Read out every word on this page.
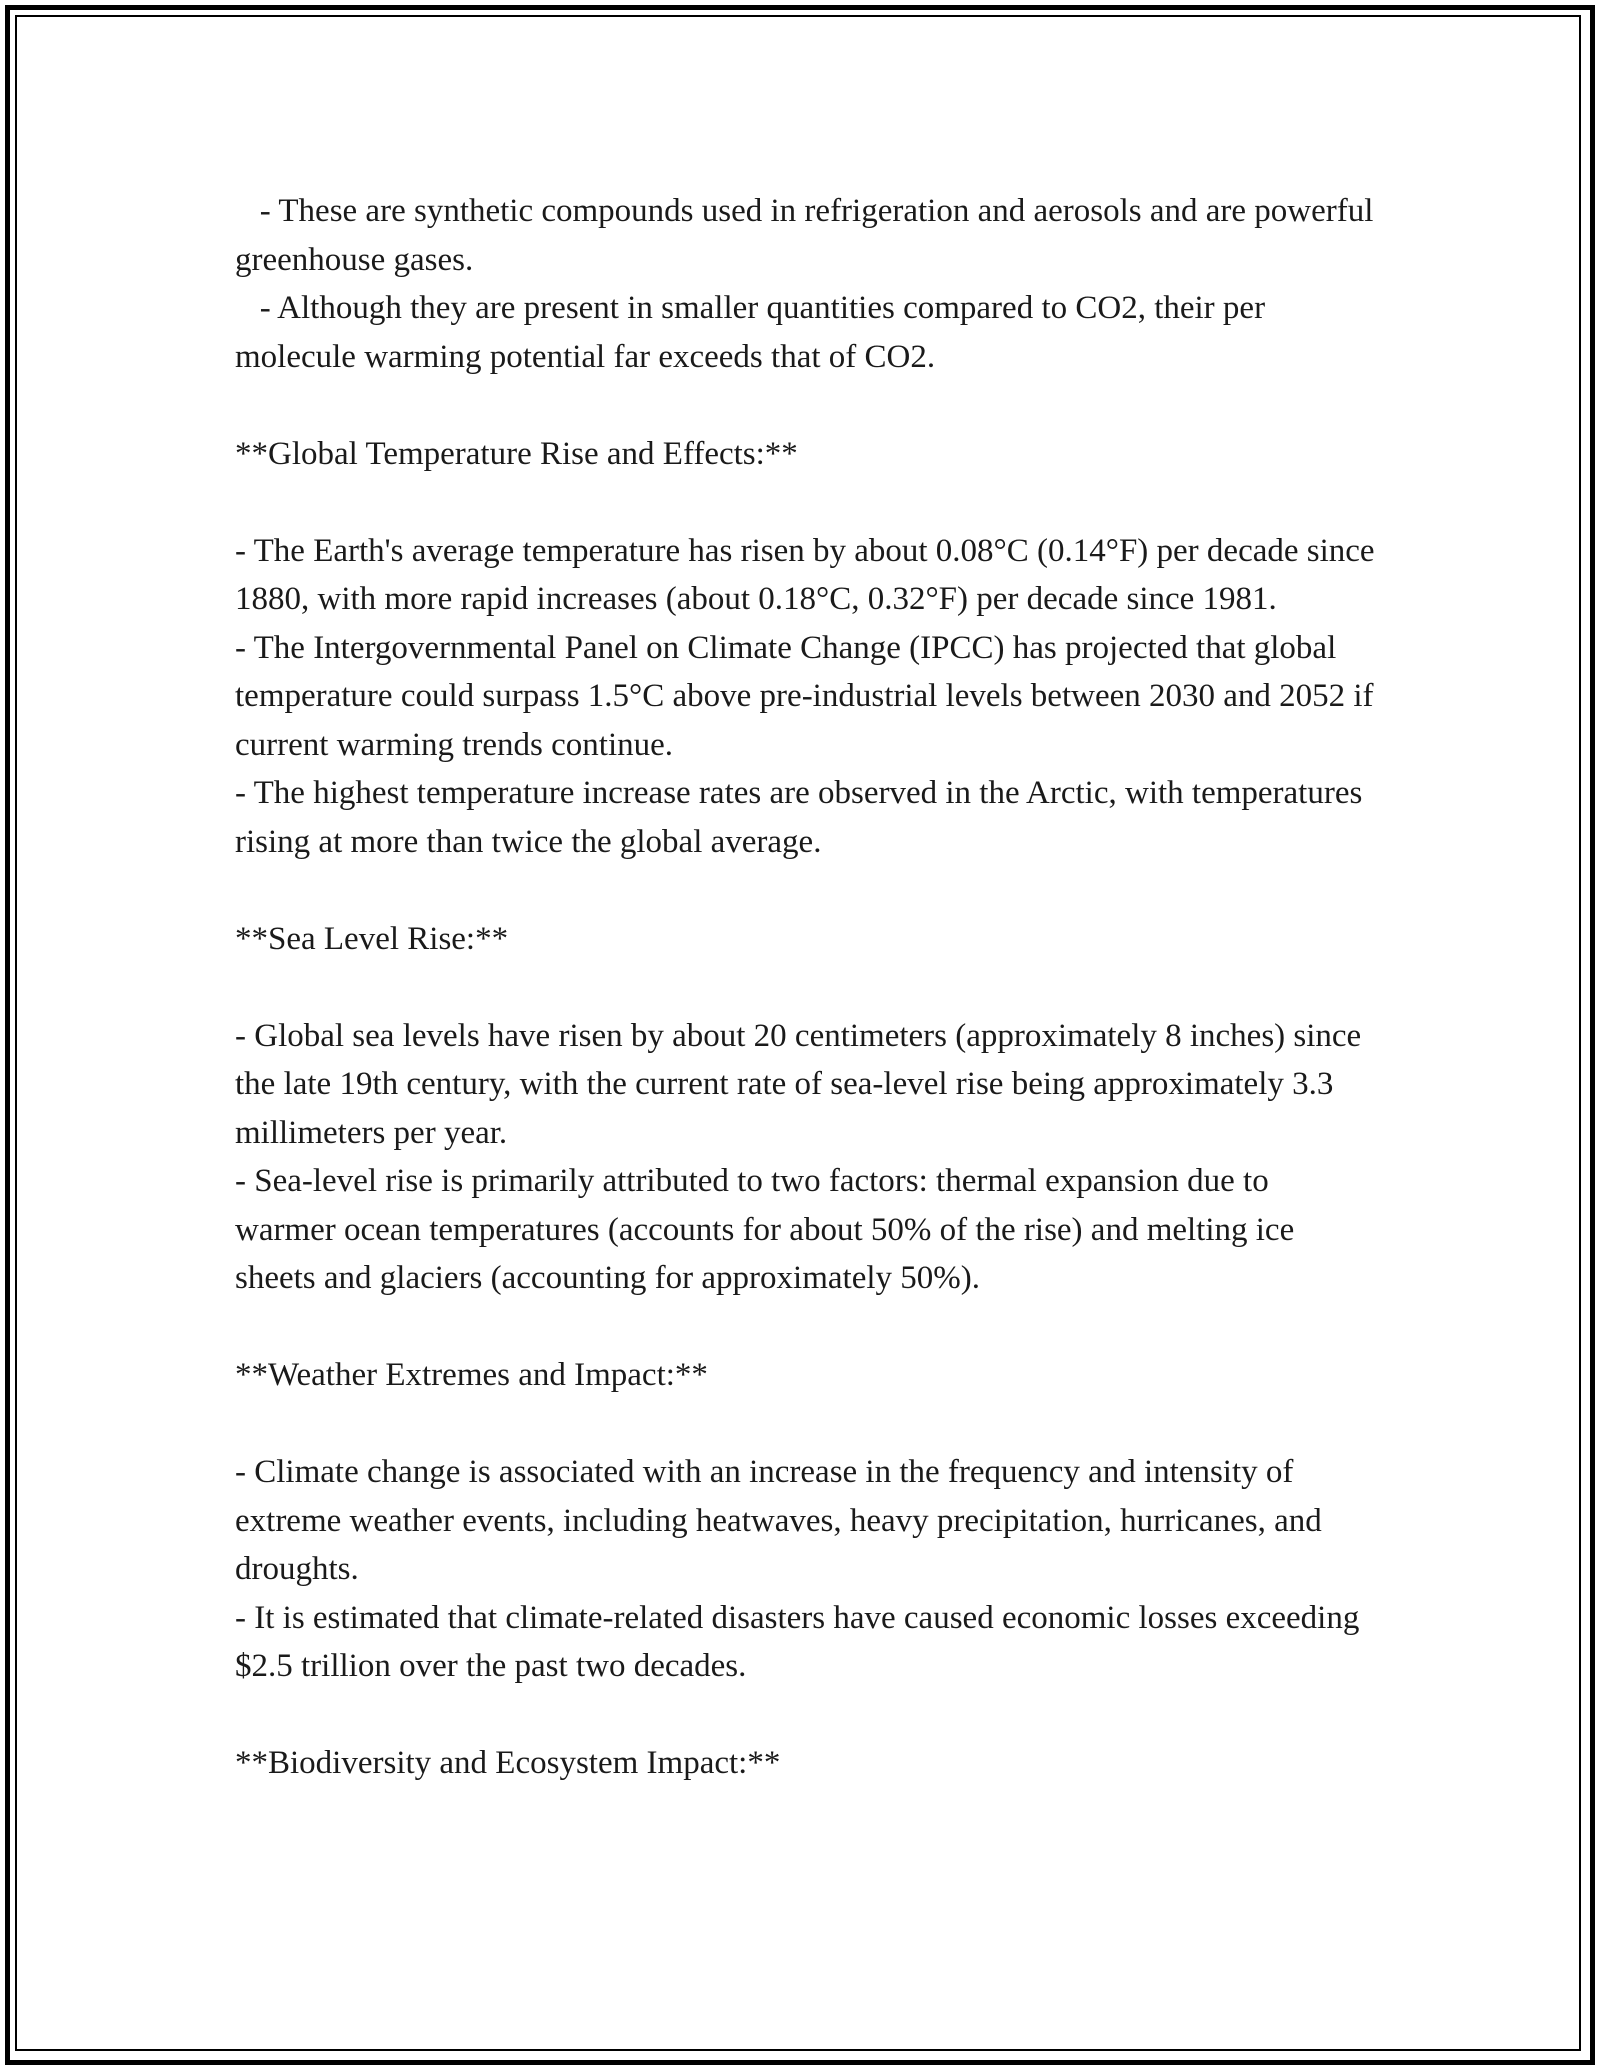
- These are synthetic compounds used in refrigeration and aerosols and are powerful greenhouse gases.

- Although they are present in smaller quantities compared to CO2, their per molecule warming potential far exceeds that of CO2.

**Global Temperature Rise and Effects:**

- The Earth's average temperature has risen by about 0.08°C (0.14°F) per decade since 1880, with more rapid increases (about 0.18°C, 0.32°F) per decade since 1981.

- The Intergovernmental Panel on Climate Change (IPCC) has projected that global temperature could surpass 1.5°C above pre-industrial levels between 2030 and 2052 if current warming trends continue.

- The highest temperature increase rates are observed in the Arctic, with temperatures rising at more than twice the global average.

**Sea Level Rise:**

- Global sea levels have risen by about 20 centimeters (approximately 8 inches) since the late 19th century, with the current rate of sea-level rise being approximately 3.3 millimeters per year.

- Sea-level rise is primarily attributed to two factors: thermal expansion due to warmer ocean temperatures (accounts for about 50% of the rise) and melting ice sheets and glaciers (accounting for approximately 50%).

**Weather Extremes and Impact:**

- Climate change is associated with an increase in the frequency and intensity of extreme weather events, including heatwaves, heavy precipitation, hurricanes, and droughts.

- It is estimated that climate-related disasters have caused economic losses exceeding $2.5 trillion over the past two decades.

**Biodiversity and Ecosystem Impact:**
